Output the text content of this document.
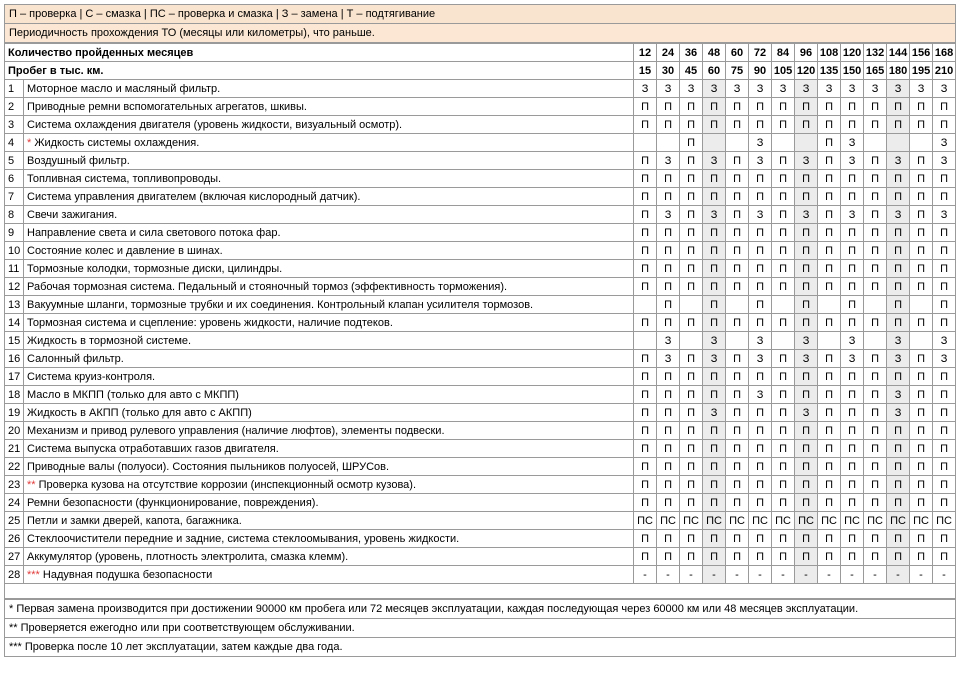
П – проверка | С – смазка | ПС – проверка и смазка | З – замена | Т – подтягивание
Периодичность прохождения ТО (месяцы или километры), что раньше.
Количество пройденных месяцев		12	24	36	48	60	72	84	96	108	120	132	144	156	168
Пробег в тыс. км.		15	30	45	60	75	90	105	120	135	150	165	180	195	210
1	Моторное масло и масляный фильтр.	З	З	З	З	З	З	З	З	З	З	З	З	З	З
2	Приводные ремни вспомогательных агрегатов, шкивы.	П	П	П	П	П	П	П	П	П	П	П	П	П	П
3	Система охлаждения двигателя (уровень жидкости, визуальный осмотр).	П	П	П	П	П	П	П	П	П	П	П	П	П	П
4	* Жидкость системы охлаждения.			П			З			П	З				З
5	Воздушный фильтр.	П	З	П	З	П	З	П	З	П	З	П	З	П	З
6	Топливная система, топливопроводы.	П	П	П	П	П	П	П	П	П	П	П	П	П	П
7	Система управления двигателем (включая кислородный датчик).	П	П	П	П	П	П	П	П	П	П	П	П	П	П
8	Свечи зажигания.	П	З	П	З	П	З	П	З	П	З	П	З	П	З
9	Направление света и сила светового потока фар.	П	П	П	П	П	П	П	П	П	П	П	П	П	П
10	Состояние колес и давление в шинах.	П	П	П	П	П	П	П	П	П	П	П	П	П	П
11	Тормозные колодки, тормозные диски, цилиндры.	П	П	П	П	П	П	П	П	П	П	П	П	П	П
12	Рабочая тормозная система. Педальный и стояночный тормоз (эффективность торможения).	П	П	П	П	П	П	П	П	П	П	П	П	П	П
13	Вакуумные шланги, тормозные трубки и их соединения. Контрольный клапан усилителя тормозов.		П		П		П		П		П		П		П
14	Тормозная система и сцепление: уровень жидкости, наличие подтеков.	П	П	П	П	П	П	П	П	П	П	П	П	П	П
15	Жидкость в тормозной системе.		З		З		З		З		З		З		З
16	Салонный фильтр.	П	З	П	З	П	З	П	З	П	З	П	З	П	З
17	Система круиз-контроля.	П	П	П	П	П	П	П	П	П	П	П	П	П	П
18	Масло в МКПП (только для авто с МКПП)	П	П	П	П	П	З	П	П	П	П	П	З	П	П
19	Жидкость в АКПП (только для авто с АКПП)	П	П	П	З	П	П	П	З	П	П	П	З	П	П
20	Механизм и привод рулевого управления (наличие люфтов), элементы подвески.	П	П	П	П	П	П	П	П	П	П	П	П	П	П
21	Система выпуска отработавших газов двигателя.	П	П	П	П	П	П	П	П	П	П	П	П	П	П
22	Приводные валы (полуоси). Состояния пыльников полуосей, ШРУСов.	П	П	П	П	П	П	П	П	П	П	П	П	П	П
23	** Проверка кузова на отсутствие коррозии (инспекционный осмотр кузова).	П	П	П	П	П	П	П	П	П	П	П	П	П	П
24	Ремни безопасности (функционирование, повреждения).	П	П	П	П	П	П	П	П	П	П	П	П	П	П
25	Петли и замки дверей, капота, багажника.	ПС	ПС	ПС	ПС	ПС	ПС	ПС	ПС	ПС	ПС	ПС	ПС	ПС	ПС
26	Стеклоочистители передние и задние, система стеклоомывания, уровень жидкости.	П	П	П	П	П	П	П	П	П	П	П	П	П	П
27	Аккумулятор (уровень, плотность электролита, смазка клемм).	П	П	П	П	П	П	П	П	П	П	П	П	П	П
28	*** Надувная подушка безопасности	-	-	-	-	-	-	-	-	-	-	-	-	-	-

* Первая замена производится при достижении 90000 км пробега или 72 месяцев эксплуатации, каждая последующая через 60000 км или 48 месяцев эксплуатации.
** Проверяется ежегодно или при соответствующем обслуживании.
*** Проверка после 10 лет эксплуатации, затем каждые два года.
